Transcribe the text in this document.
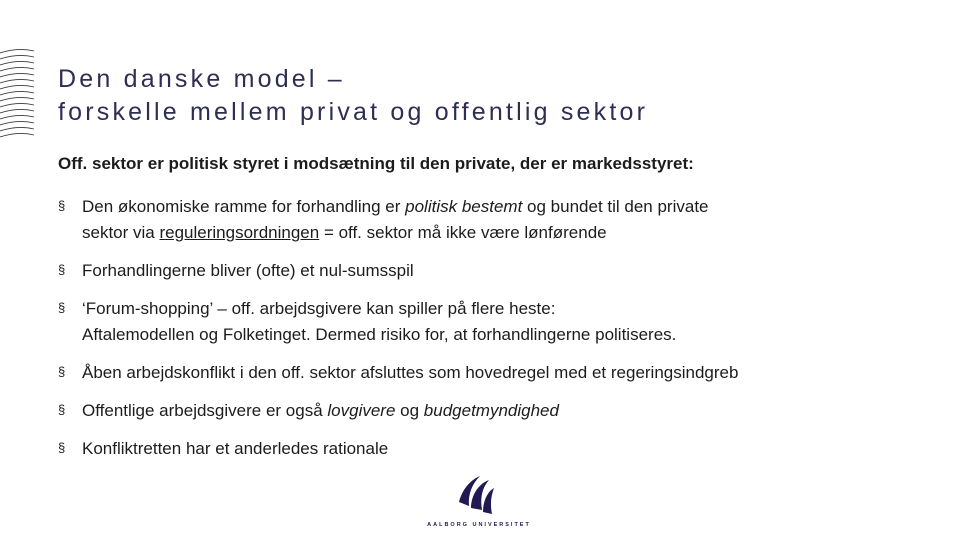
Den danske model –
forskelle mellem privat og offentlig sektor
Off. sektor er politisk styret i modsætning til den private, der er markedsstyret:
§ Den økonomiske ramme for forhandling er politisk bestemt og bundet til den private
sektor via reguleringsordningen = off. sektor må ikke være lønførende
§ Forhandlingerne bliver (ofte) et nul-sumsspil
§ ‘Forum-shopping’ – off. arbejdsgivere kan spiller på flere heste:
Aftalemodellen og Folketinget. Dermed risiko for, at forhandlingerne politiseres.
§ Åben arbejdskonflikt i den off. sektor afsluttes som hovedregel med et regeringsindgreb
§ Offentlige arbejdsgivere er også lovgivere og budgetmyndighed
§ Konfliktretten har et anderledes rationale
AALBORG UNIVERSITET
